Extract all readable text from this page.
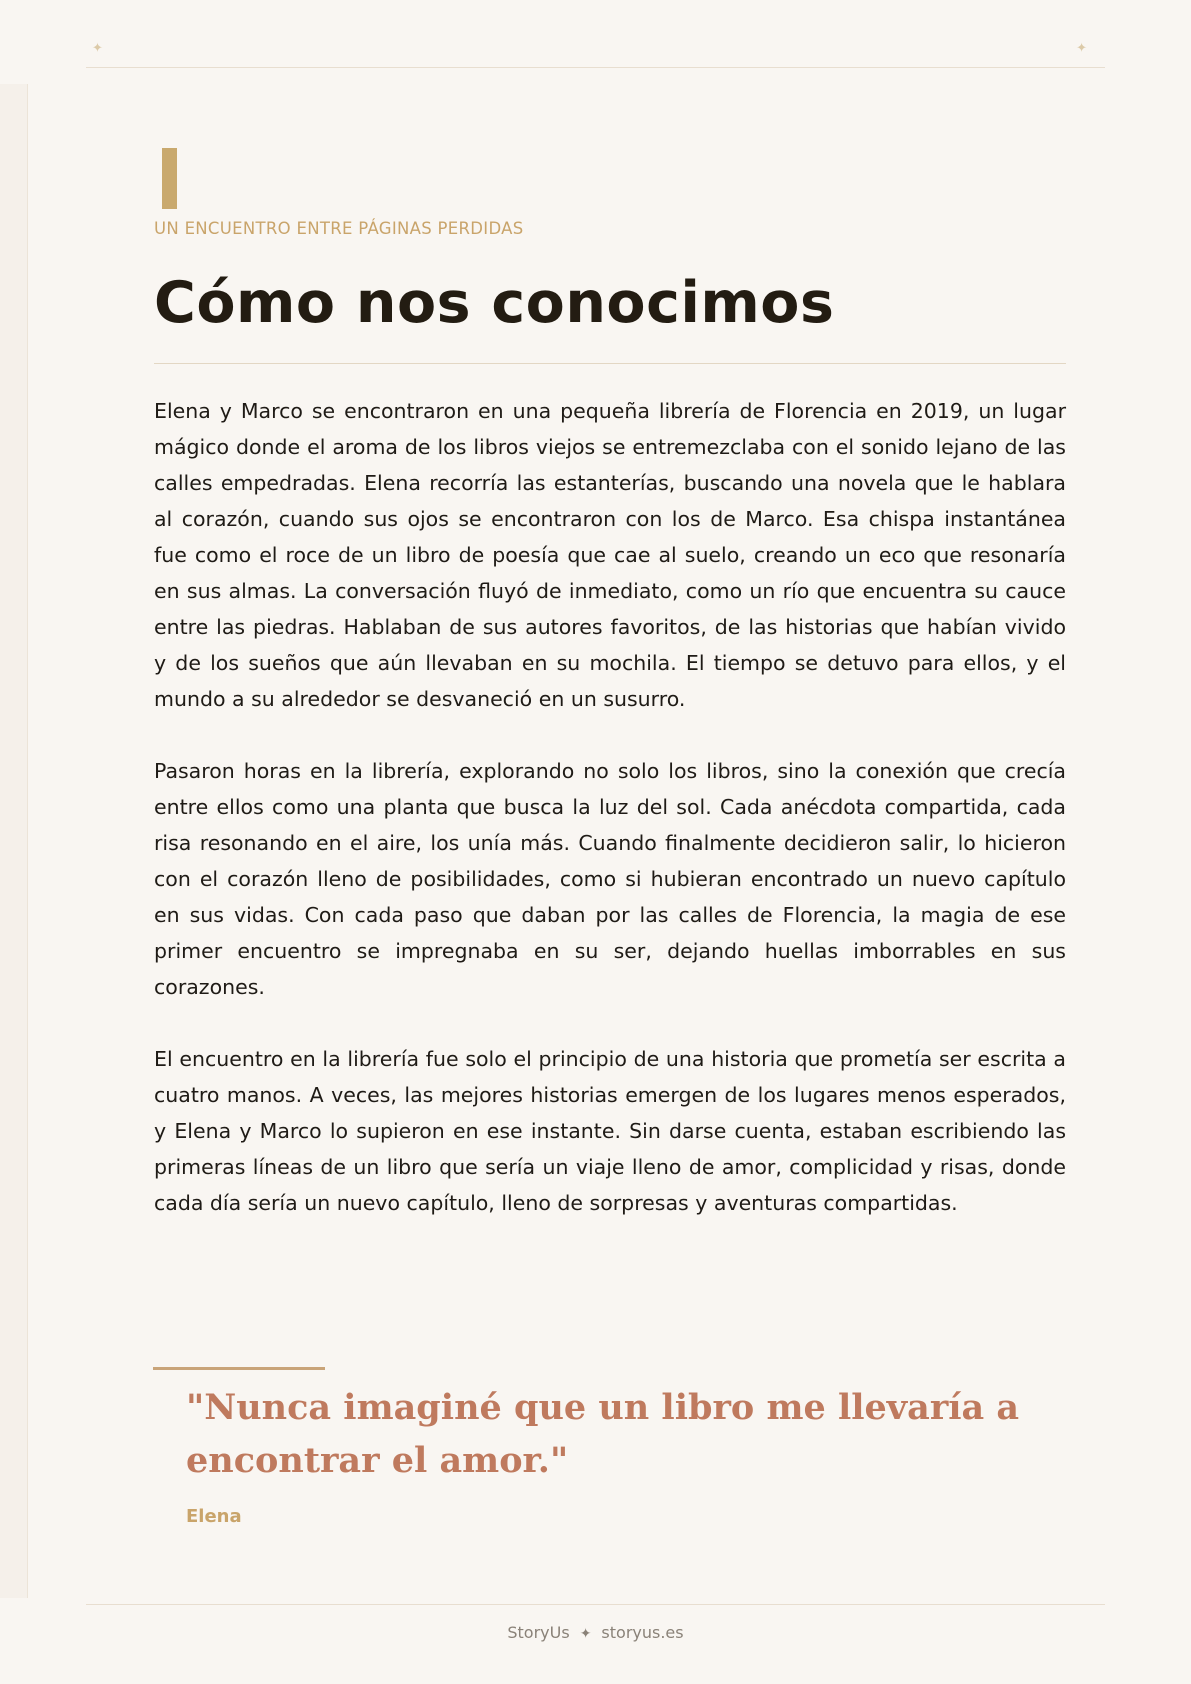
✦	✦
UN ENCUENTRO ENTRE PÁGINAS PERDIDAS
Cómo nos conocimos

Elena y Marco se encontraron en una pequeña librería de Florencia en 2019, un lugar mágico donde el aroma de los libros viejos se entremezclaba con el sonido lejano de las calles empedradas. Elena recorría las estanterías, buscando una novela que le hablara al corazón, cuando sus ojos se encontraron con los de Marco. Esa chispa instantánea fue como el roce de un libro de poesía que cae al suelo, creando un eco que resonaría en sus almas. La conversación fluyó de inmediato, como un río que encuentra su cauce entre las piedras. Hablaban de sus autores favoritos, de las historias que habían vivido y de los sueños que aún llevaban en su mochila. El tiempo se detuvo para ellos, y el mundo a su alrededor se desvaneció en un susurro.

Pasaron horas en la librería, explorando no solo los libros, sino la conexión que crecía entre ellos como una planta que busca la luz del sol. Cada anécdota compartida, cada risa resonando en el aire, los unía más. Cuando finalmente decidieron salir, lo hicieron con el corazón lleno de posibilidades, como si hubieran encontrado un nuevo capítulo en sus vidas. Con cada paso que daban por las calles de Florencia, la magia de ese primer encuentro se impregnaba en su ser, dejando huellas imborrables en sus corazones.

El encuentro en la librería fue solo el principio de una historia que prometía ser escrita a cuatro manos. A veces, las mejores historias emergen de los lugares menos esperados, y Elena y Marco lo supieron en ese instante. Sin darse cuenta, estaban escribiendo las primeras líneas de un libro que sería un viaje lleno de amor, complicidad y risas, donde cada día sería un nuevo capítulo, lleno de sorpresas y aventuras compartidas.

"Nunca imaginé que un libro me llevaría a encontrar el amor."
Elena
StoryUs ✦ storyus.es
